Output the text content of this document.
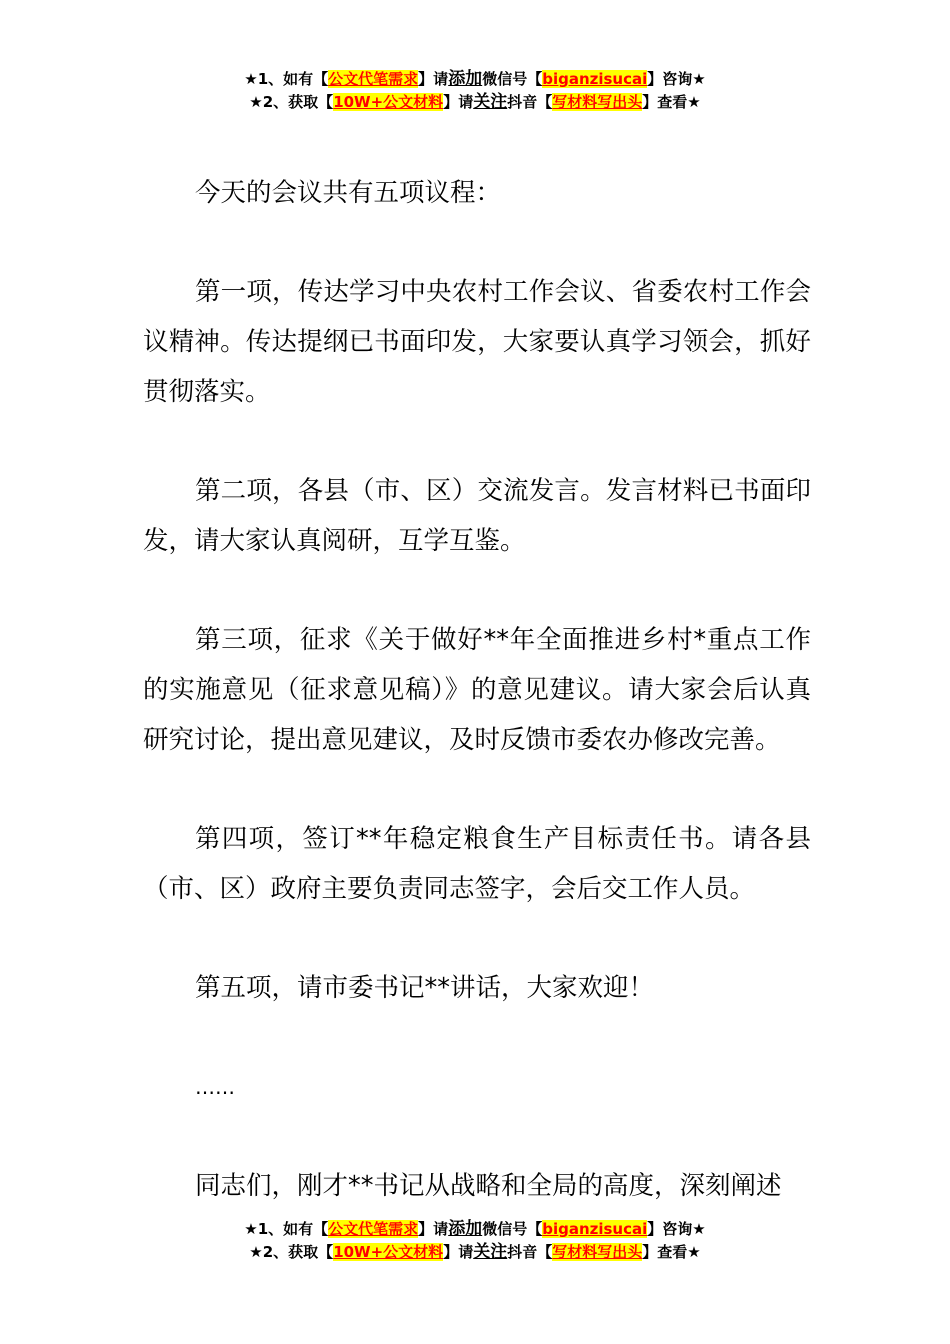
★1、如有【公文代笔需求】请添加微信号【biganzisucai】咨询★
★2、获取【10W+公文材料】请关注抖音【写材料写出头】查看★

今天的会议共有五项议程：

第一项，传达学习中央农村工作会议、省委农村工作会议精神。传达提纲已书面印发，大家要认真学习领会，抓好贯彻落实。

第二项，各县（市、区）交流发言。发言材料已书面印发，请大家认真阅研，互学互鉴。

第三项，征求《关于做好**年全面推进乡村*重点工作的实施意见（征求意见稿）》的意见建议。请大家会后认真研究讨论，提出意见建议，及时反馈市委农办修改完善。

第四项，签订**年稳定粮食生产目标责任书。请各县（市、区）政府主要负责同志签字，会后交工作人员。

第五项，请市委书记**讲话，大家欢迎！

……

同志们，刚才**书记从战略和全局的高度，深刻阐述

★1、如有【公文代笔需求】请添加微信号【biganzisucai】咨询★
★2、获取【10W+公文材料】请关注抖音【写材料写出头】查看★
